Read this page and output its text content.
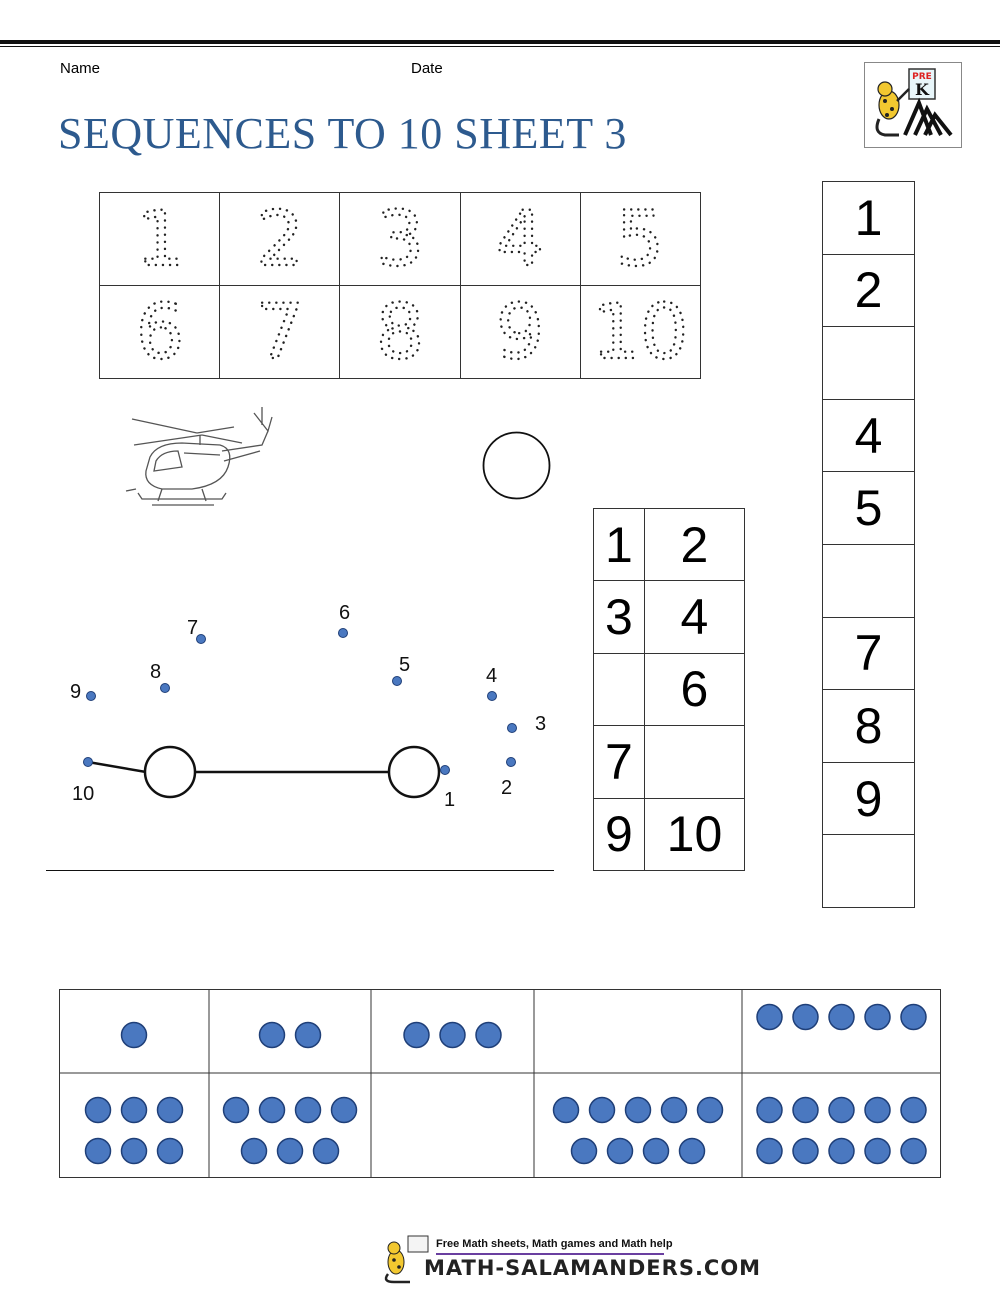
Name	Date
SEQUENCES TO 10 SHEET 3
PRE
K
1	2	3	4	5

6	7	8	9	10
1
2
3
4
5
6
7
8
9
10
1	2
3	4
	6
7	
9	10
1
2

4
5

7
8
9

Free Math sheets, Math games and Math help
MATH-SALAMANDERS.COM
